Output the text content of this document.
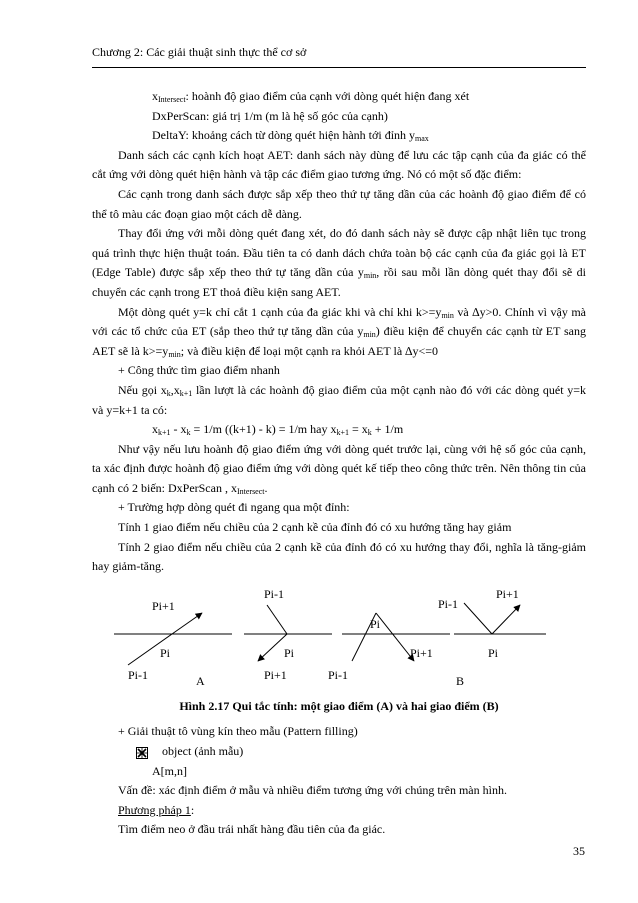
Chương 2: Các giải thuật sinh thực thể cơ sở

$x_{Intersect}$: hoành độ giao điểm của cạnh với dòng quét hiện đang xét

DxPerScan: giá trị 1/m (m là hệ số góc của cạnh)

DeltaY: khoảng cách từ dòng quét hiện hành tới đỉnh $y_{max}$

Danh sách các cạnh kích hoạt AET: danh sách này dùng để lưu các tập cạnh của đa giác có thể cắt ứng với dòng quét hiện hành và tập các điểm giao tương ứng. Nó có một số đặc điểm:

Các cạnh trong danh sách được sắp xếp theo thứ tự tăng dần của các hoành độ giao điểm để có thể tô màu các đoạn giao một cách dễ dàng.

Thay đổi ứng với mỗi dòng quét đang xét, do đó danh sách này sẽ được cập nhật liên tục trong quá trình thực hiện thuật toán. Đầu tiên ta có danh dách chứa toàn bộ các cạnh của đa giác gọi là ET (Edge Table) được sắp xếp theo thứ tự tăng dần của $y_{min}$, rồi sau mỗi lần dòng quét thay đổi sẽ di chuyển các cạnh trong ET thoả điều kiện sang AET.

Một dòng quét y=k chỉ cắt 1 cạnh của đa giác khi và chỉ khi $k>=y_{min}$ và ∆y>0. Chính vì vậy mà với các tổ chức của ET (sắp theo thứ tự tăng dần của $y_{min}$) điều kiện để chuyển các cạnh từ ET sang AET sẽ là $k>=y_{min}$; và điều kiện để loại một cạnh ra khỏi AET là ∆y<=0

+ Công thức tìm giao điểm nhanh

Nếu gọi $x_k,x_{k+1}$ lần lượt là các hoành độ giao điểm của một cạnh nào đó với các dòng quét y=k và y=k+1 ta có:

$x_{k+1} - x_k = 1/m$ ((k+1) - k) = 1/m hay $x_{k+1} = x_k + 1/m$

Như vậy nếu lưu hoành độ giao điểm ứng với dòng quét trước lại, cùng với hệ số góc của cạnh, ta xác định được hoành độ giao điểm ứng với dòng quét kế tiếp theo công thức trên. Nên thông tin của cạnh có 2 biến: DxPerScan , $x_{Intersect}$.

+ Trường hợp dòng quét đi ngang qua một đỉnh:

Tính 1 giao điểm nếu chiều của 2 cạnh kề của đỉnh đó có xu hướng tăng hay giảm

Tính 2 giao điểm nếu chiều của 2 cạnh kề của đỉnh đó có xu hướng thay đổi, nghĩa là tăng-giảm hay giảm-tăng.

Pi+1
Pi
Pi-1
Pi-1
Pi
Pi+1
Pi
Pi-1
Pi+1
Pi-1
Pi+1
Pi
A	B

Hình 2.17 Qui tắc tính: một giao điểm (A) và hai giao điểm (B)

+ Giải thuật tô vùng kín theo mẫu (Pattern filling)

object (ảnh mẫu)

A[m,n]

Vấn đề: xác định điểm ở mẫu và nhiều điểm tương ứng với chúng trên màn hình.

Phương pháp 1:

Tìm điểm neo ở đầu trái nhất hàng đầu tiên của đa giác.

35
